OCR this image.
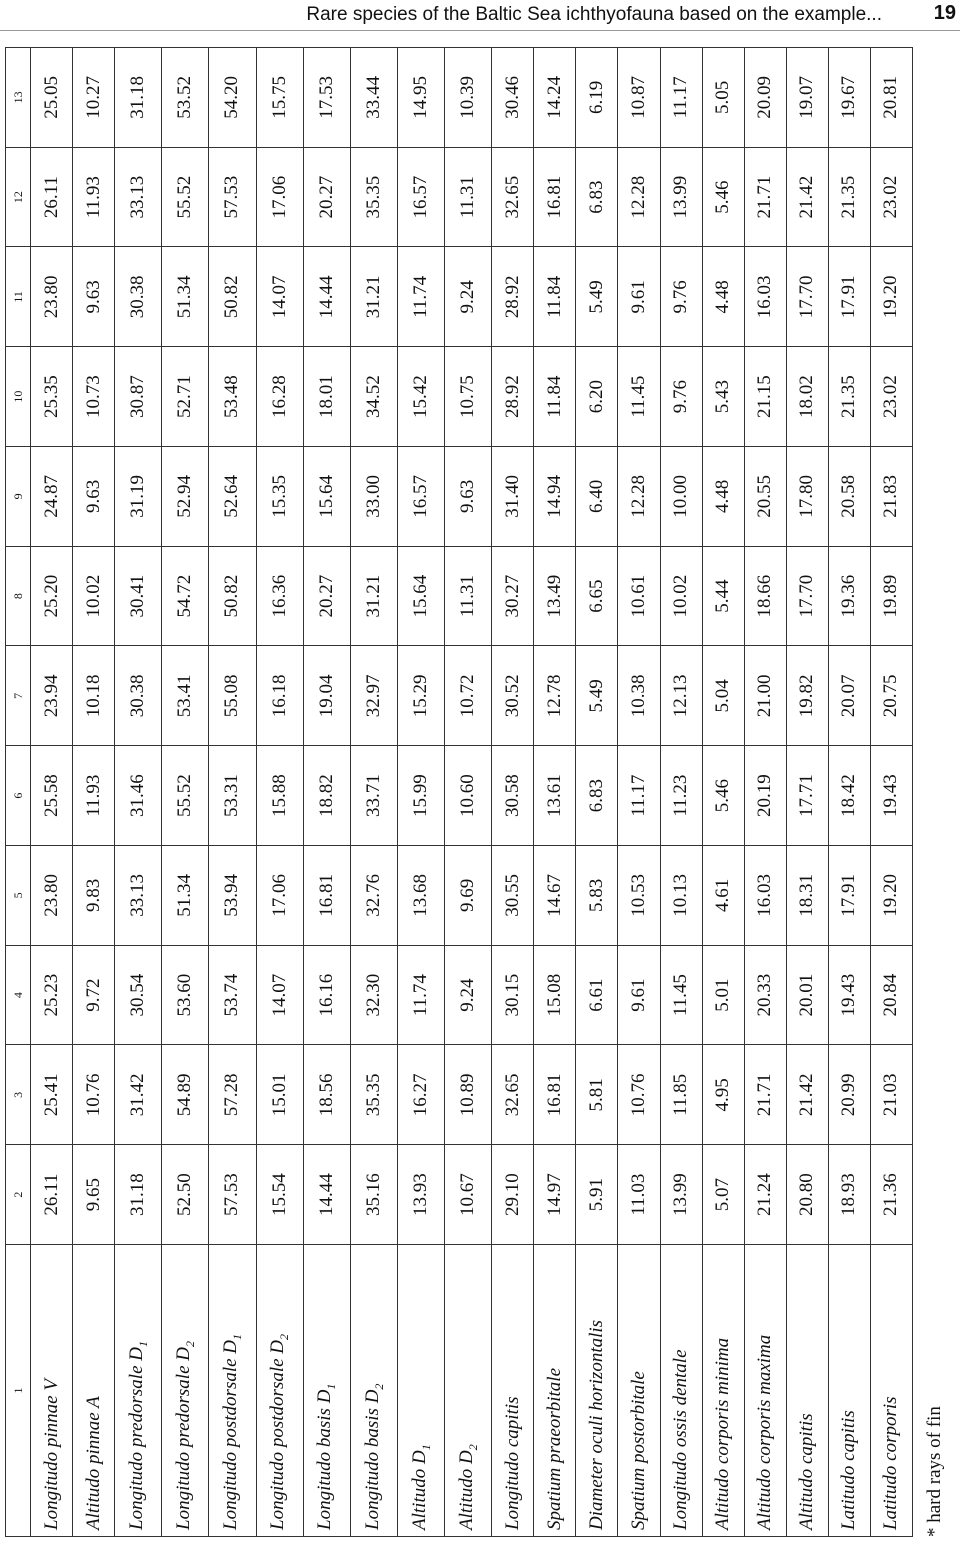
Rare species of the Baltic Sea ichthyofauna based on the example...	19
1	2	3	4	5	6	7	8	9	10	11	12	13
Longitudo pinnae V	26.11	25.41	25.23	23.80	25.58	23.94	25.20	24.87	25.35	23.80	26.11	25.05
Altitudo pinnae A	9.65	10.76	9.72	9.83	11.93	10.18	10.02	9.63	10.73	9.63	11.93	10.27
Longitudo predorsale $D_1$	31.18	31.42	30.54	33.13	31.46	30.38	30.41	31.19	30.87	30.38	33.13	31.18
Longitudo predorsale $D_2$	52.50	54.89	53.60	51.34	55.52	53.41	54.72	52.94	52.71	51.34	55.52	53.52
Longitudo postdorsale $D_1$	57.53	57.28	53.74	53.94	53.31	55.08	50.82	52.64	53.48	50.82	57.53	54.20
Longitudo postdorsale $D_2$	15.54	15.01	14.07	17.06	15.88	16.18	16.36	15.35	16.28	14.07	17.06	15.75
Longitudo basis $D_1$	14.44	18.56	16.16	16.81	18.82	19.04	20.27	15.64	18.01	14.44	20.27	17.53
Longitudo basis $D_2$	35.16	35.35	32.30	32.76	33.71	32.97	31.21	33.00	34.52	31.21	35.35	33.44
Altitudo $D_1$	13.93	16.27	11.74	13.68	15.99	15.29	15.64	16.57	15.42	11.74	16.57	14.95
Altitudo $D_2$	10.67	10.89	9.24	9.69	10.60	10.72	11.31	9.63	10.75	9.24	11.31	10.39
Longitudo capitis	29.10	32.65	30.15	30.55	30.58	30.52	30.27	31.40	28.92	28.92	32.65	30.46
Spatium praeorbitale	14.97	16.81	15.08	14.67	13.61	12.78	13.49	14.94	11.84	11.84	16.81	14.24
Diameter oculi horizontalis	5.91	5.81	6.61	5.83	6.83	5.49	6.65	6.40	6.20	5.49	6.83	6.19
Spatium postorbitale	11.03	10.76	9.61	10.53	11.17	10.38	10.61	12.28	11.45	9.61	12.28	10.87
Longitudo ossis dentale	13.99	11.85	11.45	10.13	11.23	12.13	10.02	10.00	9.76	9.76	13.99	11.17
Altitudo corporis minima	5.07	4.95	5.01	4.61	5.46	5.04	5.44	4.48	5.43	4.48	5.46	5.05
Altitudo corporis maxima	21.24	21.71	20.33	16.03	20.19	21.00	18.66	20.55	21.15	16.03	21.71	20.09
Altitudo capitis	20.80	21.42	20.01	18.31	17.71	19.82	17.70	17.80	18.02	17.70	21.42	19.07
Latitudo capitis	18.93	20.99	19.43	17.91	18.42	20.07	19.36	20.58	21.35	17.91	21.35	19.67
Latitudo corporis	21.36	21.03	20.84	19.20	19.43	20.75	19.89	21.83	23.02	19.20	23.02	20.81
* hard rays of fin
